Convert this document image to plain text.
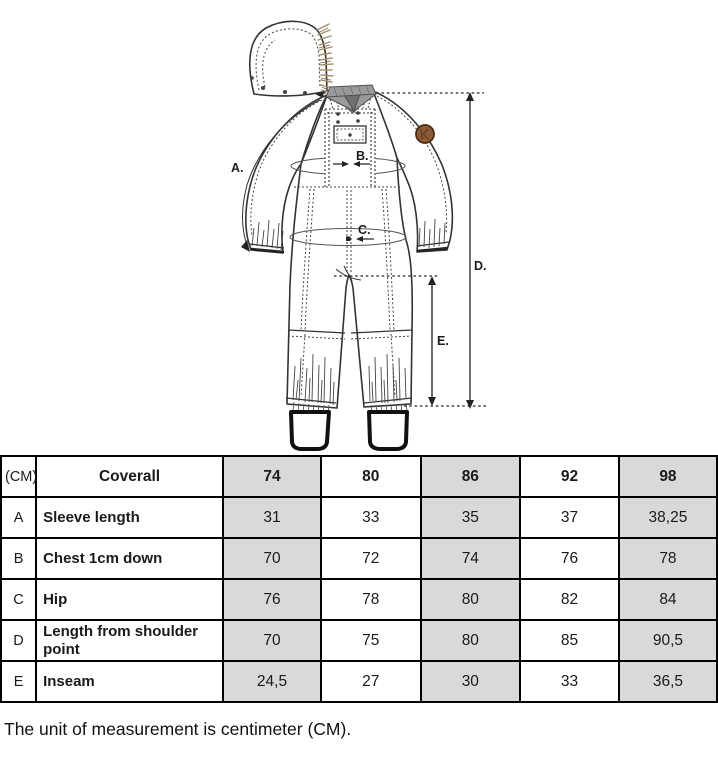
A.
B.
C.
D.
E.
(CM)	Coverall	74	80	86	92	98
A	Sleeve length	31	33	35	37	38,25
B	Chest 1cm down	70	72	74	76	78
C	Hip	76	78	80	82	84
D	Length from shoulder point	70	75	80	85	90,5
E	Inseam	24,5	27	30	33	36,5
The unit of measurement is centimeter (CM).
